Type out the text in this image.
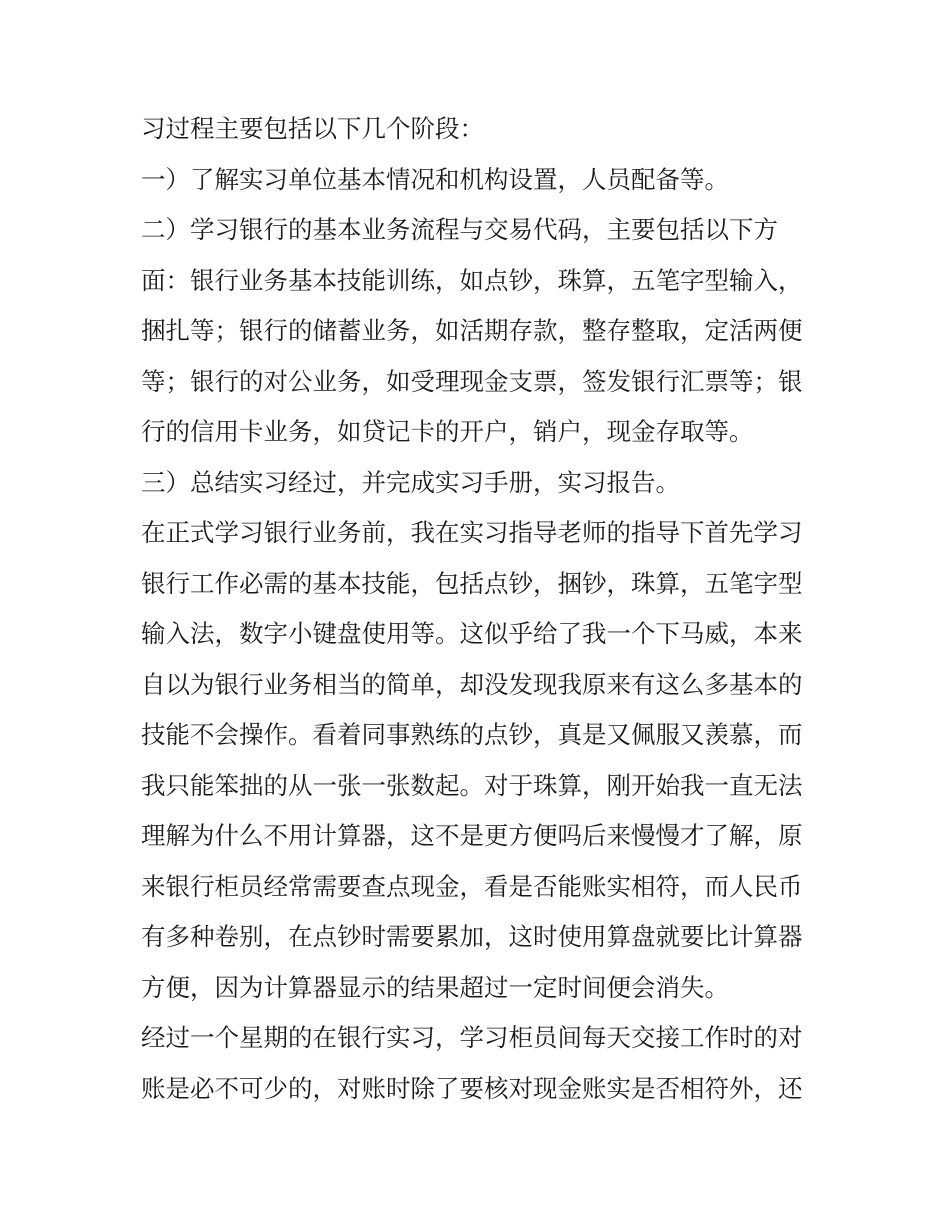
习过程主要包括以下几个阶段：
一）了解实习单位基本情况和机构设置，人员配备等。
二）学习银行的基本业务流程与交易代码，主要包括以下方
面：银行业务基本技能训练，如点钞，珠算，五笔字型输入，
捆扎等；银行的储蓄业务，如活期存款，整存整取，定活两便
等；银行的对公业务，如受理现金支票，签发银行汇票等；银
行的信用卡业务，如贷记卡的开户，销户，现金存取等。
三）总结实习经过，并完成实习手册，实习报告。
在正式学习银行业务前，我在实习指导老师的指导下首先学习
银行工作必需的基本技能，包括点钞，捆钞，珠算，五笔字型
输入法，数字小键盘使用等。这似乎给了我一个下马威，本来
自以为银行业务相当的简单，却没发现我原来有这么多基本的
技能不会操作。看着同事熟练的点钞，真是又佩服又羡慕，而
我只能笨拙的从一张一张数起。对于珠算，刚开始我一直无法
理解为什么不用计算器，这不是更方便吗后来慢慢才了解，原
来银行柜员经常需要查点现金，看是否能账实相符，而人民币
有多种卷别，在点钞时需要累加，这时使用算盘就要比计算器
方便，因为计算器显示的结果超过一定时间便会消失。
经过一个星期的在银行实习，学习柜员间每天交接工作时的对
账是必不可少的，对账时除了要核对现金账实是否相符外，还
